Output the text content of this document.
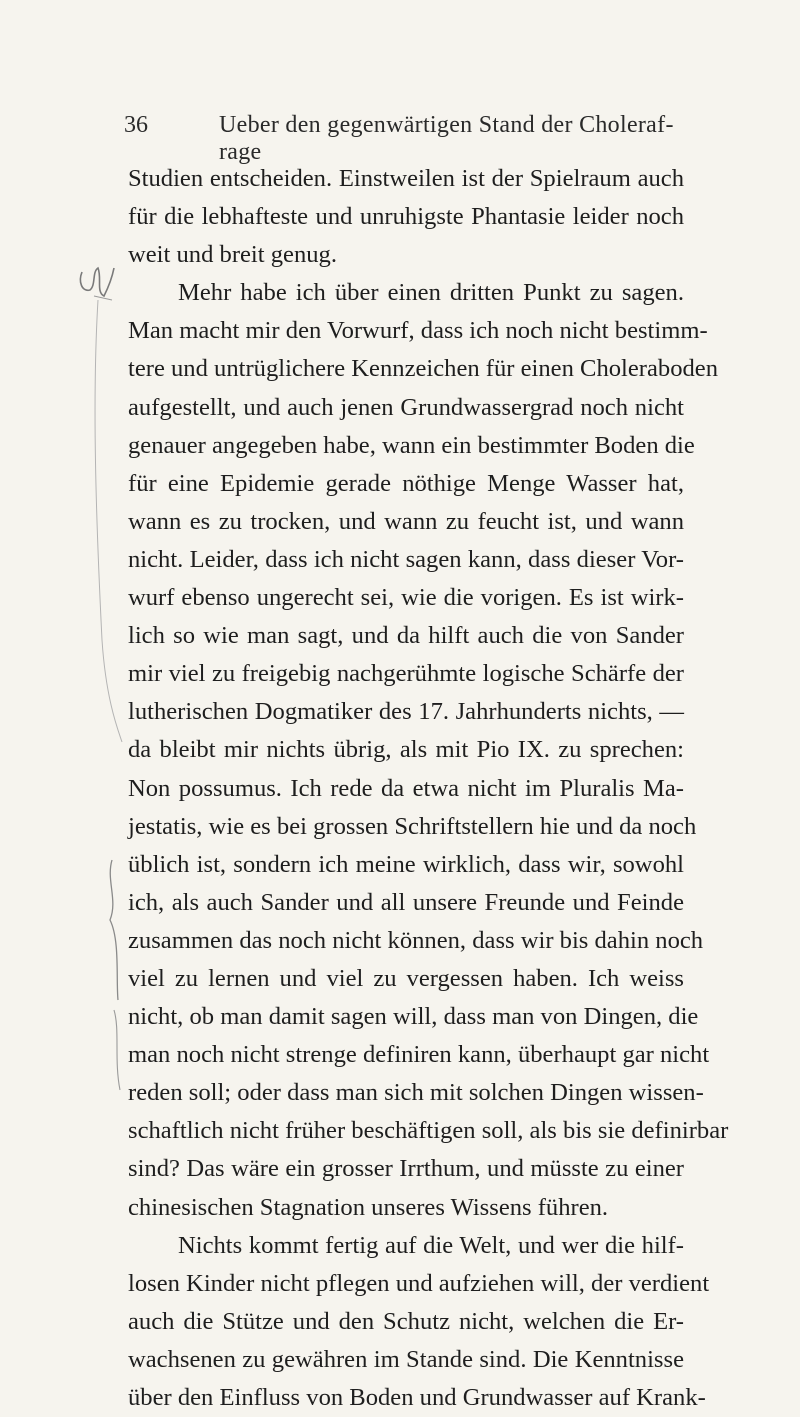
36	Ueber den gegenwärtigen Stand der Cholerafrage
Studien entscheiden. Einstweilen ist der Spielraum auch
für die lebhafteste und unruhigste Phantasie leider noch
weit und breit genug.
Mehr habe ich über einen dritten Punkt zu sagen.
Man macht mir den Vorwurf, dass ich noch nicht bestimm-
tere und untrüglichere Kennzeichen für einen Choleraboden
aufgestellt, und auch jenen Grundwassergrad noch nicht
genauer angegeben habe, wann ein bestimmter Boden die
für eine Epidemie gerade nöthige Menge Wasser hat,
wann es zu trocken, und wann zu feucht ist, und wann
nicht. Leider, dass ich nicht sagen kann, dass dieser Vor-
wurf ebenso ungerecht sei, wie die vorigen. Es ist wirk-
lich so wie man sagt, und da hilft auch die von Sander
mir viel zu freigebig nachgerühmte logische Schärfe der
lutherischen Dogmatiker des 17. Jahrhunderts nichts, —
da bleibt mir nichts übrig, als mit Pio IX. zu sprechen:
Non possumus. Ich rede da etwa nicht im Pluralis Ma-
jestatis, wie es bei grossen Schriftstellern hie und da noch
üblich ist, sondern ich meine wirklich, dass wir, sowohl
ich, als auch Sander und all unsere Freunde und Feinde
zusammen das noch nicht können, dass wir bis dahin noch
viel zu lernen und viel zu vergessen haben. Ich weiss
nicht, ob man damit sagen will, dass man von Dingen, die
man noch nicht strenge definiren kann, überhaupt gar nicht
reden soll; oder dass man sich mit solchen Dingen wissen-
schaftlich nicht früher beschäftigen soll, als bis sie definirbar
sind? Das wäre ein grosser Irrthum, und müsste zu einer
chinesischen Stagnation unseres Wissens führen.
Nichts kommt fertig auf die Welt, und wer die hilf-
losen Kinder nicht pflegen und aufziehen will, der verdient
auch die Stütze und den Schutz nicht, welchen die Er-
wachsenen zu gewähren im Stande sind. Die Kenntnisse
über den Einfluss von Boden und Grundwasser auf Krank-
